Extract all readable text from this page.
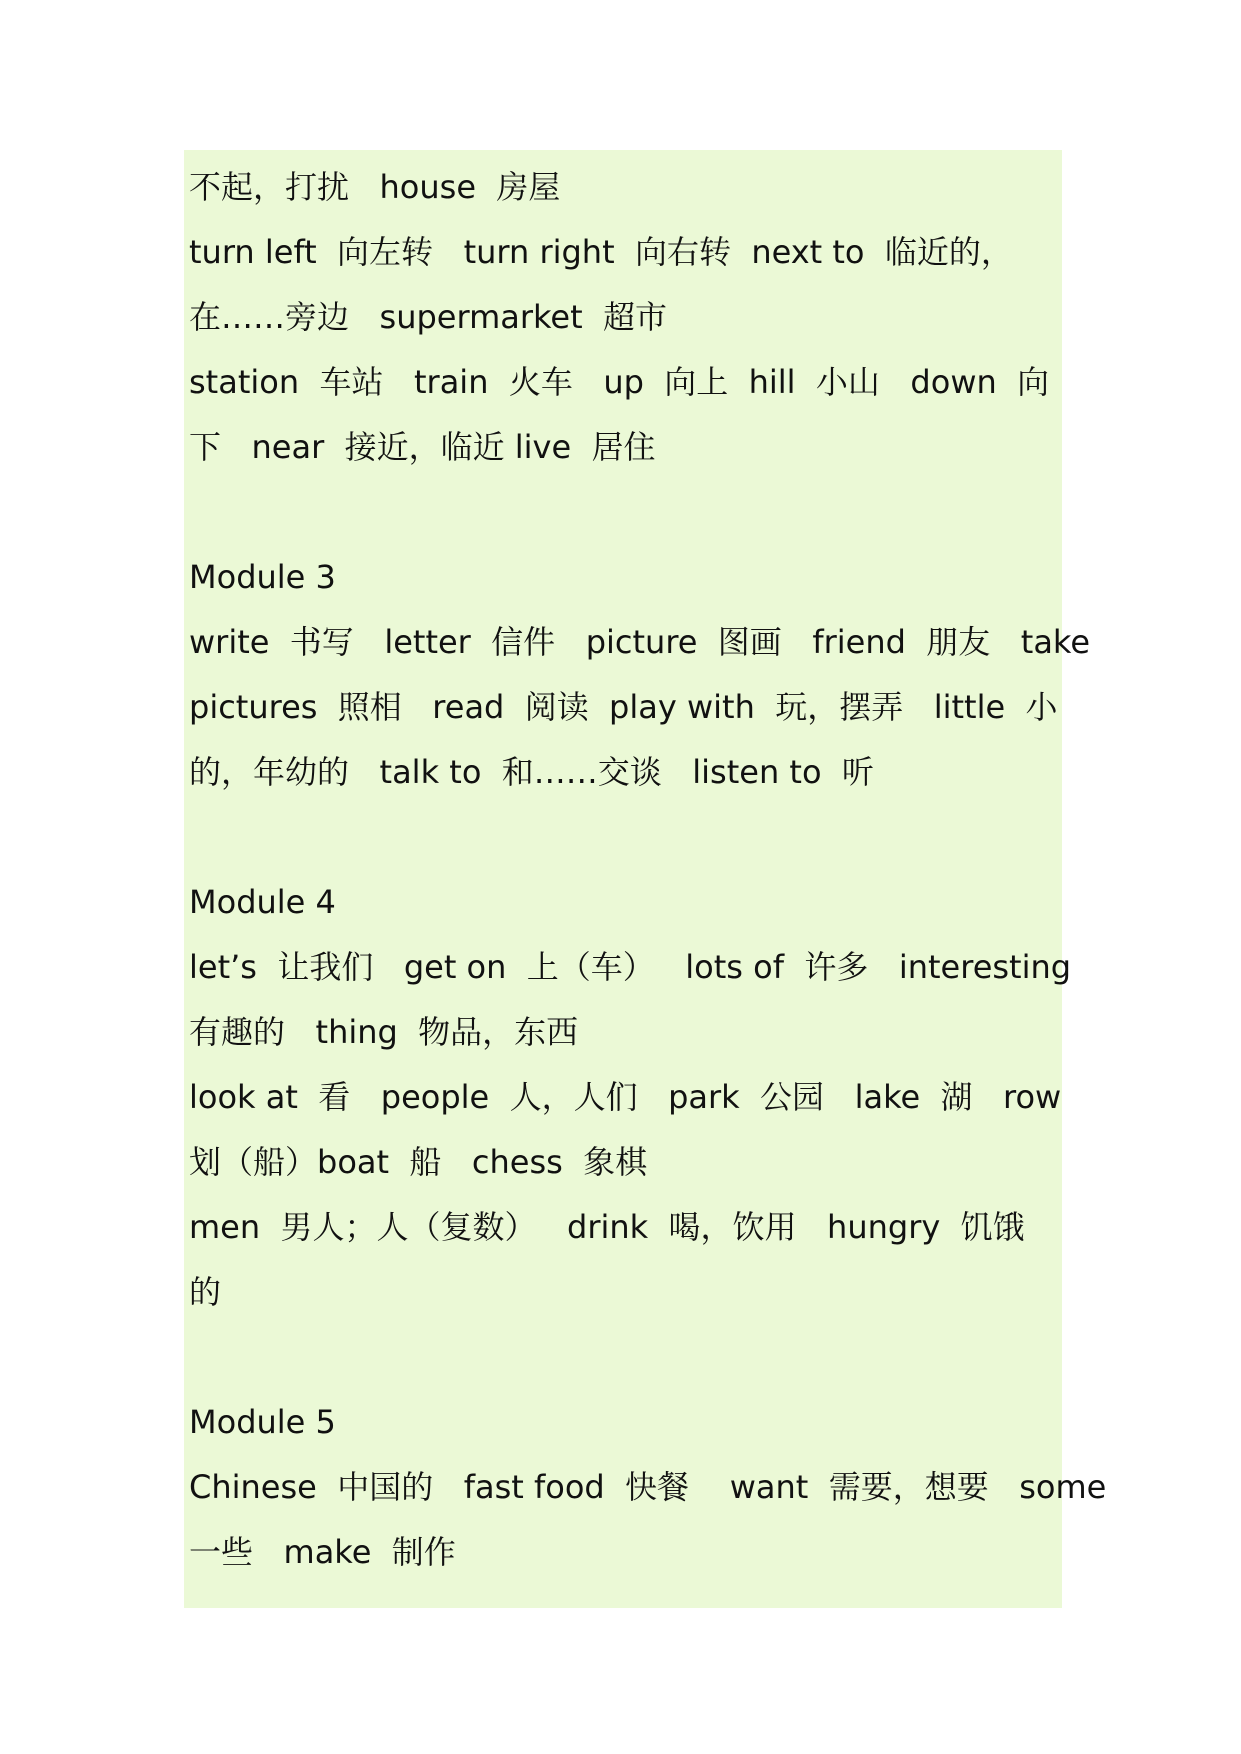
不起，打扰   house  房屋
turn left  向左转   turn right  向右转  next to  临近的，
在……旁边   supermarket  超市
station  车站   train  火车   up  向上  hill  小山   down  向
下   near  接近，临近 live  居住
Module 3
write  书写   letter  信件   picture  图画   friend  朋友   take
pictures  照相   read  阅读  play with  玩，摆弄   little  小
的，年幼的   talk to  和……交谈   listen to  听
Module 4
let’s  让我们   get on  上（车）   lots of  许多   interesting
有趣的   thing  物品，东西
look at  看   people  人，人们   park  公园   lake  湖   row
划（船）boat  船   chess  象棋
men  男人；人（复数）   drink  喝，饮用   hungry  饥饿
的
Module 5
Chinese  中国的   fast food  快餐    want  需要，想要   some
一些   make  制作
